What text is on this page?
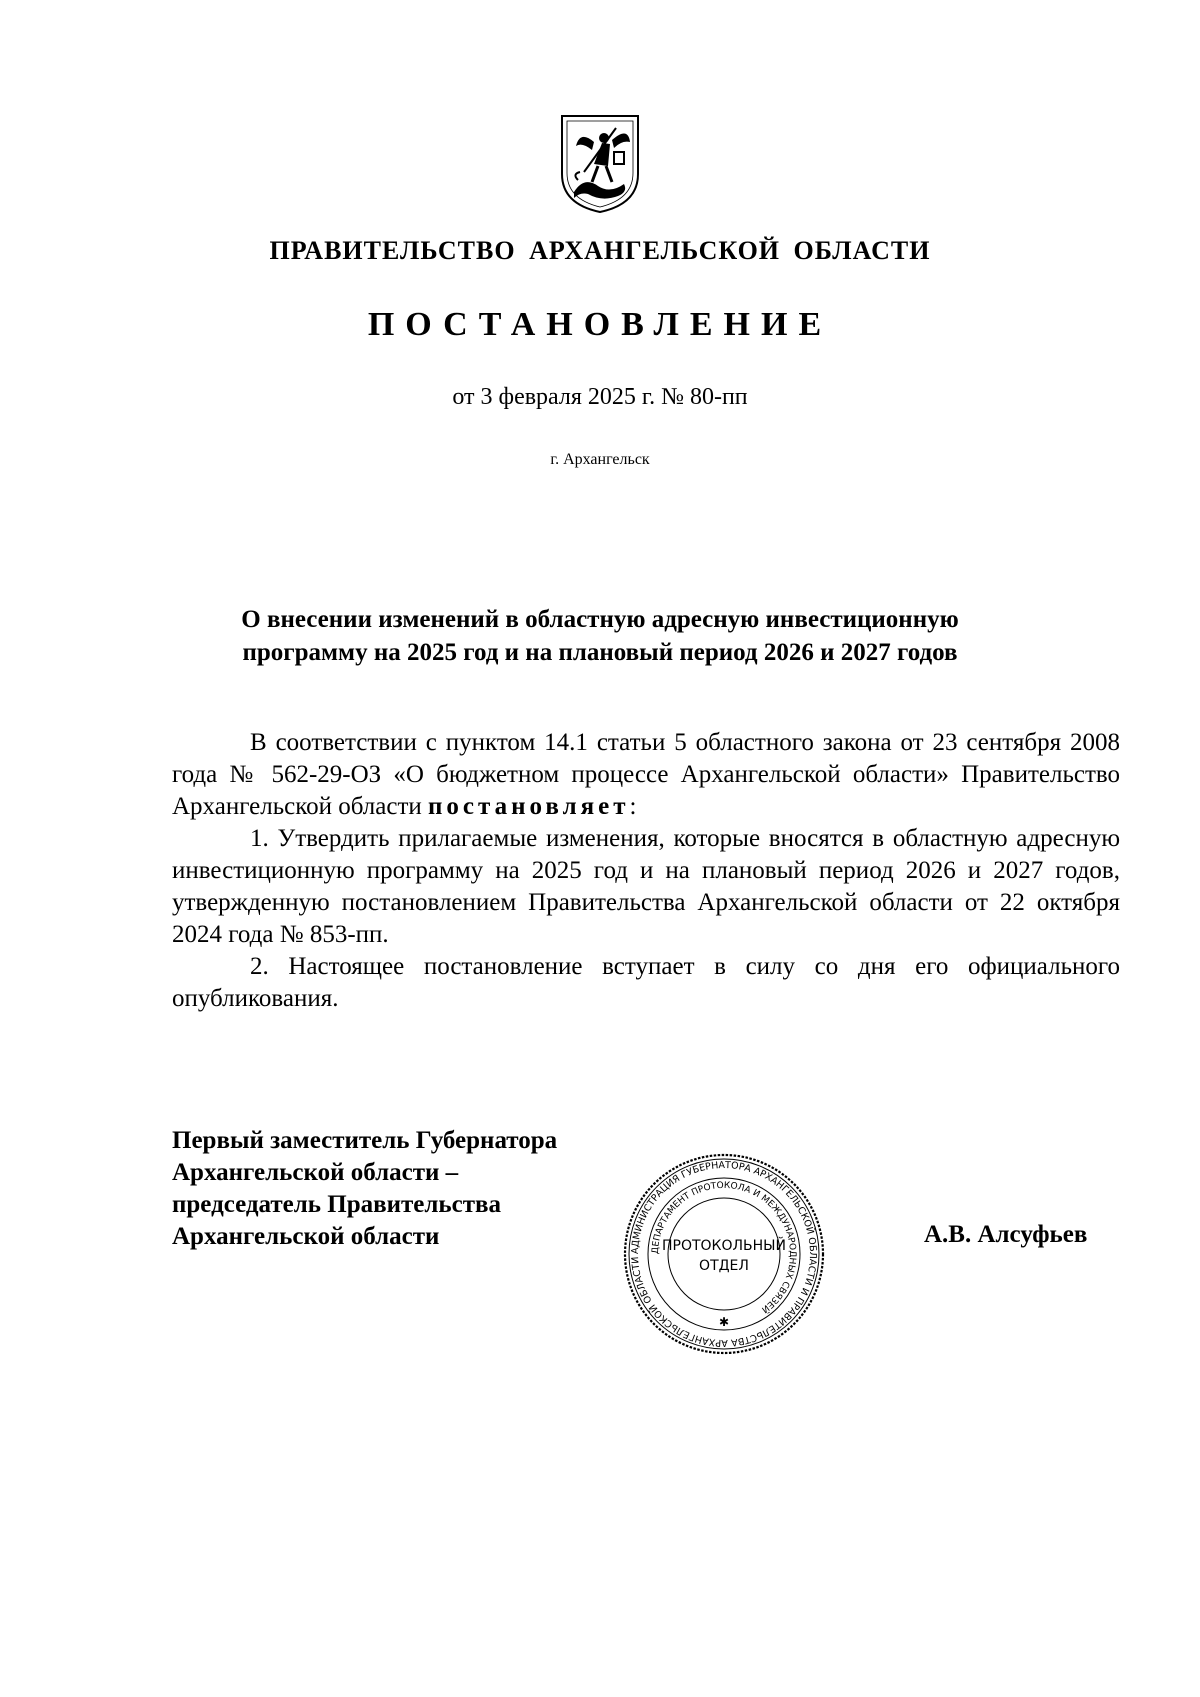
ПРАВИТЕЛЬСТВО АРХАНГЕЛЬСКОЙ ОБЛАСТИ
ПОСТАНОВЛЕНИЕ
от 3 февраля 2025 г. № 80-пп
г. Архангельск
О внесении изменений в областную адресную инвестиционную
программу на 2025 год и на плановый период 2026 и 2027 годов

В соответствии с пунктом 14.1 статьи 5 областного закона от 23 сентября 2008 года № 562-29-ОЗ «О бюджетном процессе Архангельской области» Правительство Архангельской области постановляет:

1. Утвердить прилагаемые изменения, которые вносятся в областную адресную инвестиционную программу на 2025 год и на плановый период 2026 и 2027 годов, утвержденную постановлением Правительства Архангельской области от 22 октября 2024 года № 853-пп.

2. Настоящее постановление вступает в силу со дня его официального опубликования.

Первый заместитель Губернатора
Архангельской области –
председатель Правительства
Архангельской области	А.В. Алсуфьев
АДМИНИСТРАЦИЯ ГУБЕРНАТОРА АРХАНГЕЛЬСКОЙ ОБЛАСТИ И ПРАВИТЕЛЬСТВА АРХАНГЕЛЬСКОЙ ОБЛАСТИ
ДЕПАРТАМЕНТ ПРОТОКОЛА И МЕЖДУНАРОДНЫХ СВЯЗЕЙ
ПРОТОКОЛЬНЫЙ
ОТДЕЛ
✱
